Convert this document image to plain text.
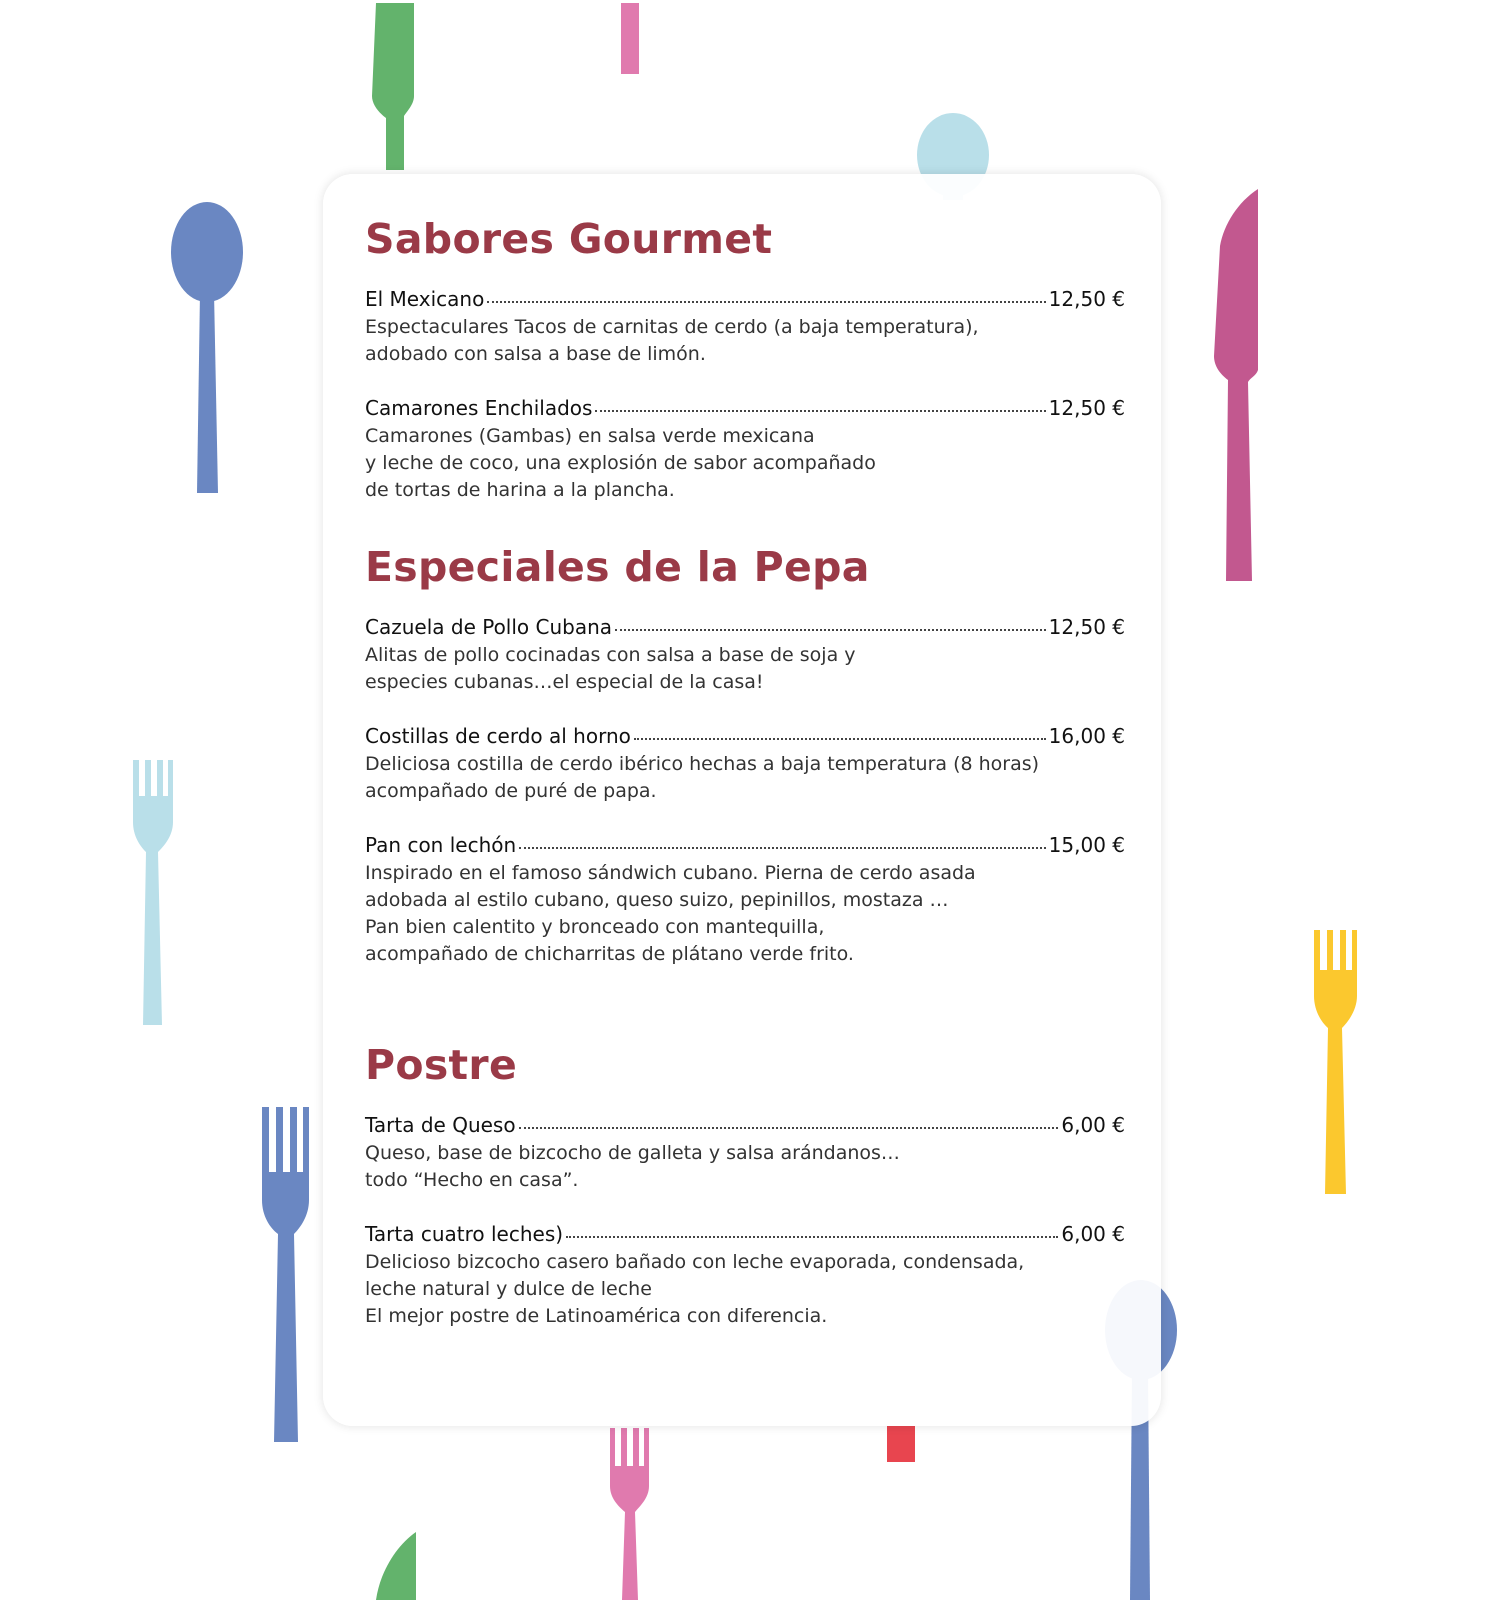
Sabores Gourmet
El Mexicano	12,50 €

Espectaculares Tacos de carnitas de cerdo (a baja temperatura),
adobado con salsa a base de limón.

Camarones Enchilados	12,50 €

Camarones (Gambas) en salsa verde mexicana
y leche de coco, una explosión de sabor acompañado
de tortas de harina a la plancha.

Especiales de la Pepa
Cazuela de Pollo Cubana	12,50 €

Alitas de pollo cocinadas con salsa a base de soja y
especies cubanas…el especial de la casa!

Costillas de cerdo al horno	16,00 €

Deliciosa costilla de cerdo ibérico hechas a baja temperatura (8 horas)
acompañado de puré de papa.

Pan con lechón	15,00 €

Inspirado en el famoso sándwich cubano. Pierna de cerdo asada
adobada al estilo cubano, queso suizo, pepinillos, mostaza …
Pan bien calentito y bronceado con mantequilla,
acompañado de chicharritas de plátano verde frito.

Postre
Tarta de Queso	6,00 €

Queso, base de bizcocho de galleta y salsa arándanos…
todo “Hecho en casa”.

Tarta cuatro leches)	6,00 €

Delicioso bizcocho casero bañado con leche evaporada, condensada,
leche natural y dulce de leche
El mejor postre de Latinoamérica con diferencia.
